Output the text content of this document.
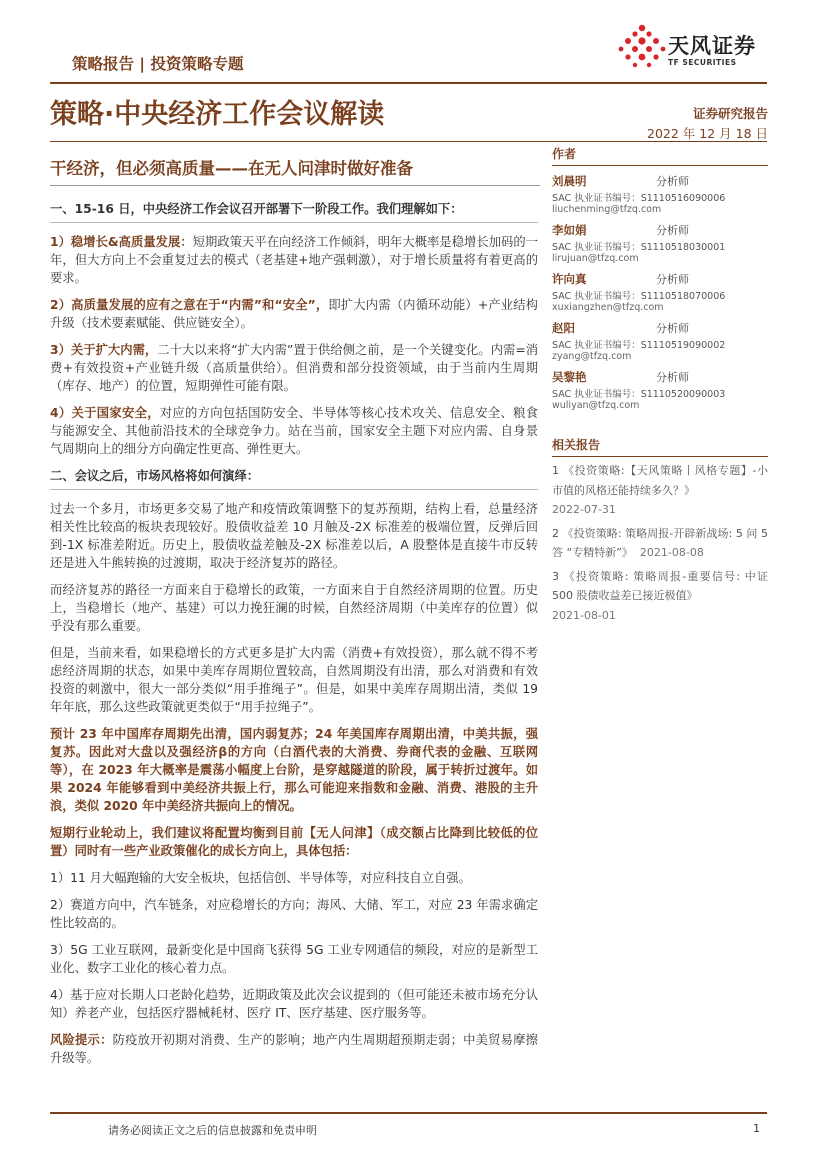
策略报告 | 投资策略专题
天风证券
TF SECURITIES
策略·中央经济工作会议解读	证券研究报告
2022 年 12 月 18 日
干经济，但必须高质量——在无人问津时做好准备
一、15-16 日，中央经济工作会议召开部署下一阶段工作。我们理解如下：

1）稳增长&高质量发展：短期政策天平在向经济工作倾斜，明年大概率是稳增长加码的一年，但大方向上不会重复过去的模式（老基建+地产强刺激），对于增长质量将有着更高的要求。

2）高质量发展的应有之意在于“内需”和“安全”，即扩大内需（内循环动能）+产业结构升级（技术要素赋能、供应链安全）。

3）关于扩大内需，二十大以来将“扩大内需”置于供给侧之前，是一个关键变化。内需=消费+有效投资+产业链升级（高质量供给）。但消费和部分投资领域，由于当前内生周期（库存、地产）的位置，短期弹性可能有限。

4）关于国家安全，对应的方向包括国防安全、半导体等核心技术攻关、信息安全、粮食与能源安全、其他前沿技术的全球竞争力。站在当前，国家安全主题下对应内需、自身景气周期向上的细分方向确定性更高、弹性更大。

二、会议之后，市场风格将如何演绎：

过去一个多月，市场更多交易了地产和疫情政策调整下的复苏预期，结构上看，总量经济相关性比较高的板块表现较好。股债收益差 10 月触及-2X 标准差的极端位置，反弹后回到-1X 标准差附近。历史上，股债收益差触及-2X 标准差以后，A 股整体是直接牛市反转还是进入牛熊转换的过渡期，取决于经济复苏的路径。

而经济复苏的路径一方面来自于稳增长的政策，一方面来自于自然经济周期的位置。历史上，当稳增长（地产、基建）可以力挽狂澜的时候，自然经济周期（中美库存的位置）似乎没有那么重要。

但是，当前来看，如果稳增长的方式更多是扩大内需（消费+有效投资），那么就不得不考虑经济周期的状态，如果中美库存周期位置较高，自然周期没有出清，那么对消费和有效投资的刺激中，很大一部分类似“用手推绳子”。但是，如果中美库存周期出清，类似 19 年年底，那么这些政策就更类似于“用手拉绳子”。

预计 23 年中国库存周期先出清，国内弱复苏；24 年美国库存周期出清，中美共振，强复苏。因此对大盘以及强经济β的方向（白酒代表的大消费、券商代表的金融、互联网等），在 2023 年大概率是震荡小幅度上台阶，是穿越隧道的阶段，属于转折过渡年。如果 2024 年能够看到中美经济共振上行，那么可能迎来指数和金融、消费、港股的主升浪，类似 2020 年中美经济共振向上的情况。

短期行业轮动上，我们建议将配置均衡到目前【无人问津】（成交额占比降到比较低的位置）同时有一些产业政策催化的成长方向上，具体包括：

1）11 月大幅跑输的大安全板块，包括信创、半导体等，对应科技自立自强。

2）赛道方向中，汽车链条，对应稳增长的方向；海风、大储、军工，对应 23 年需求确定性比较高的。

3）5G 工业互联网，最新变化是中国商飞获得 5G 工业专网通信的频段，对应的是新型工业化、数字工业化的核心着力点。

4）基于应对长期人口老龄化趋势，近期政策及此次会议提到的（但可能还未被市场充分认知）养老产业，包括医疗器械耗材、医疗 IT、医疗基建、医疗服务等。

风险提示：防疫放开初期对消费、生产的影响；地产内生周期超预期走弱；中美贸易摩擦升级等。

作者
刘晨明	分析师
SAC 执业证书编号：S1110516090006
liuchenming@tfzq.com
李如娟	分析师
SAC 执业证书编号：S1110518030001
lirujuan@tfzq.com
许向真	分析师
SAC 执业证书编号：S1110518070006
xuxiangzhen@tfzq.com
赵阳	分析师
SAC 执业证书编号：S1110519090002
zyang@tfzq.com
吴黎艳	分析师
SAC 执业证书编号：S1110520090003
wuliyan@tfzq.com
相关报告
1 《投资策略:【天风策略丨风格专题】-小市值的风格还能持续多久？》
2022-07-31
2 《投资策略: 策略周报-开辟新战场: 5 问 5 答 “专精特新”》 2021-08-08
3 《投资策略: 策略周报-重要信号: 中证 500 股债收益差已接近极值》
2021-08-01
请务必阅读正文之后的信息披露和免责申明	1
